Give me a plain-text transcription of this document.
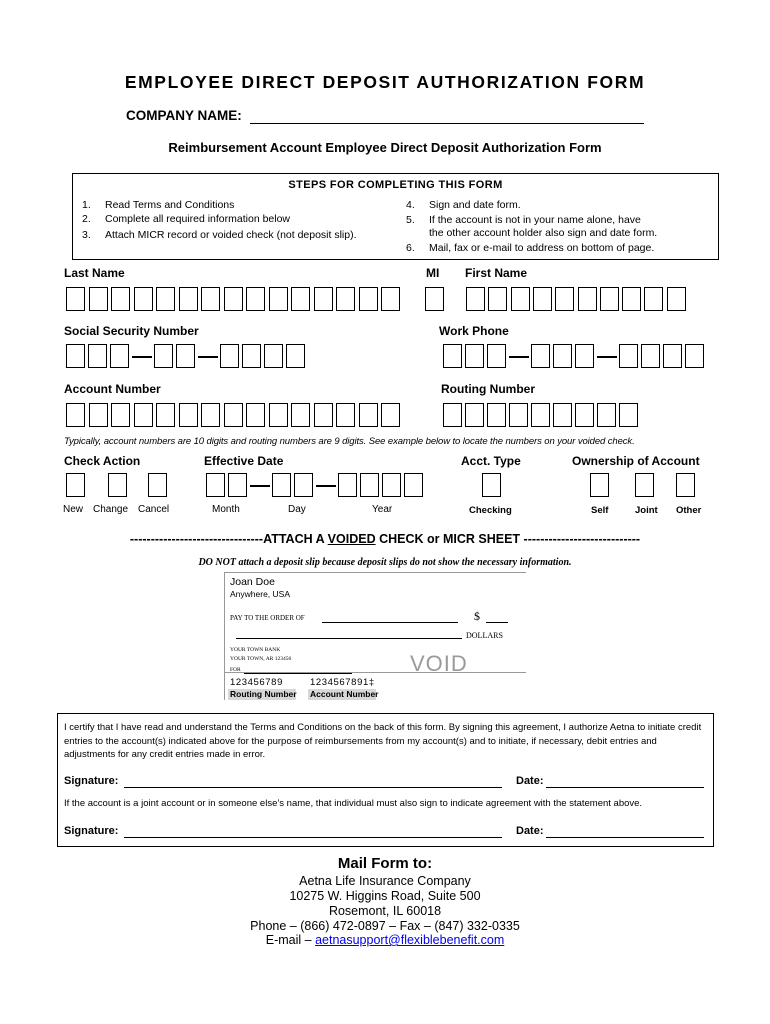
EMPLOYEE DIRECT DEPOSIT AUTHORIZATION FORM
COMPANY NAME:
Reimbursement Account Employee Direct Deposit Authorization Form
STEPS FOR COMPLETING THIS FORM
1. Read Terms and Conditions
2. Complete all required information below
3. Attach MICR record or voided check (not deposit slip).
4. Sign and date form.
5. If the account is not in your name alone, have
the other account holder also sign and date form.
6. Mail, fax or e-mail to address on bottom of page.
Last Name	MI First Name
Social Security Number	Work Phone
Account Number	Routing Number
Typically, account numbers are 10 digits and routing numbers are 9 digits. See example below to locate the numbers on your voided check.
Check Action	Effective Date	Acct. Type	Ownership of Account
New Change Cancel	Month	Day	Year	Checking	Self	Joint Other
--------------------------------ATTACH A VOIDED CHECK or MICR SHEET ----------------------------
DO NOT attach a deposit slip because deposit slips do not show the necessary information.
Joan Doe
Anywhere, USA
PAY TO THE ORDER OF	$
DOLLARS
YOUR TOWN BANK
YOUR TOWN, AR 123456
FOR	VOID
123456789	1234567891‡
Routing Number Account Number
I certify that I have read and understand the Terms and Conditions on the back of this form. By signing this agreement, I authorize Aetna to initiate credit entries to the account(s) indicated above for the purpose of reimbursements from my account(s) and to initiate, if necessary, debit entries and adjustments for any credit entries made in error.
Signature:	Date:
If the account is a joint account or in someone else’s name, that individual must also sign to indicate agreement with the statement above.
Signature:	Date:
Mail Form to:
Aetna Life Insurance Company
10275 W. Higgins Road, Suite 500
Rosemont, IL 60018
Phone – (866) 472-0897 – Fax – (847) 332-0335
E-mail – aetnasupport@flexiblebenefit.com
